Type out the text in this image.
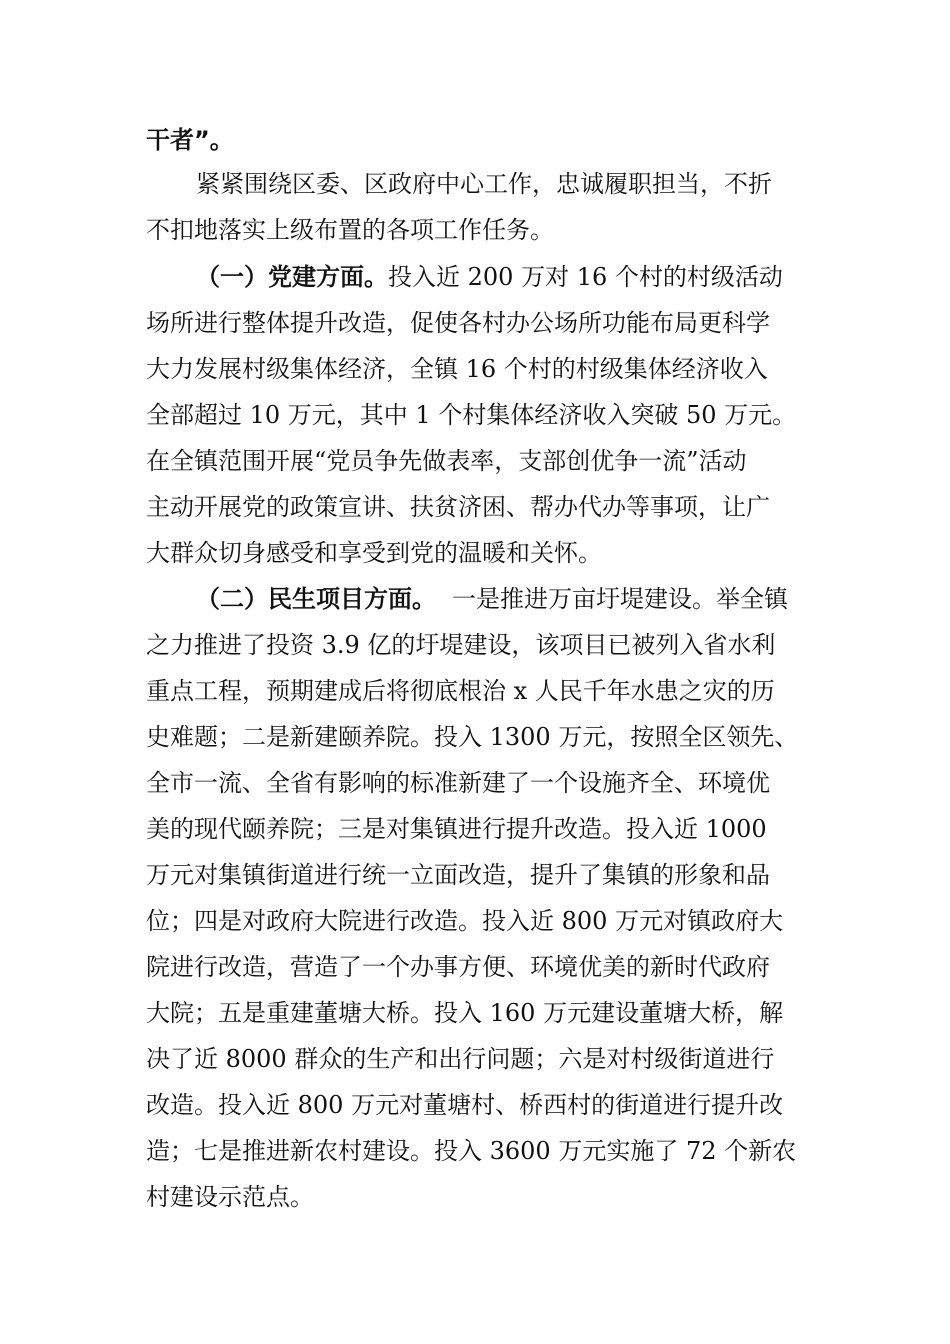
干者”。
紧紧围绕区委、区政府中心工作，忠诚履职担当，不折
不扣地落实上级布置的各项工作任务。
（一）党建方面。 投入近 200 万对 16 个村的村级活动
场所进行整体提升改造，促使各村办公场所功能布局更科学
大力发展村级集体经济，全镇 16 个村的村级集体经济收入
全部超过 10 万元，其中 1 个村集体经济收入突破 50 万元。
在全镇范围开展“党员争先做表率，支部创优争一流”活动
主动开展党的政策宣讲、扶贫济困、帮办代办等事项，让广
大群众切身感受和享受到党的温暖和关怀。
（二）民生项目方面。 一是推进万亩圩堤建设。举全镇
之力推进了投资 3.9 亿的圩堤建设，该项目已被列入省水利
重点工程，预期建成后将彻底根治 x 人民千年水患之灾的历
史难题；二是新建颐养院。投入 1300 万元，按照全区领先、
全市一流、全省有影响的标准新建了一个设施齐全、环境优
美的现代颐养院；三是对集镇进行提升改造。投入近 1000
万元对集镇街道进行统一立面改造，提升了集镇的形象和品
位；四是对政府大院进行改造。投入近 800 万元对镇政府大
院进行改造，营造了一个办事方便、环境优美的新时代政府
大院；五是重建董塘大桥。投入 160 万元建设董塘大桥，解
决了近 8000 群众的生产和出行问题；六是对村级街道进行
改造。投入近 800 万元对董塘村、桥西村的街道进行提升改
造；七是推进新农村建设。投入 3600 万元实施了 72 个新农
村建设示范点。
